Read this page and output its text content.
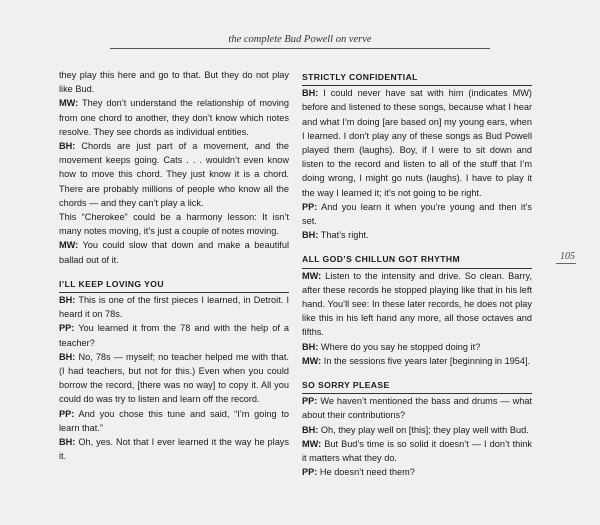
the complete Bud Powell on verve

they play this here and go to that. But they do not play like Bud.

MW: They don’t understand the relationship of moving from one chord to another, they don’t know which notes resolve. They see chords as individual entities.

BH: Chords are just part of a movement, and the movement keeps going. Cats . . . wouldn’t even know how to move this chord. They just know it is a chord. There are probably millions of people who know all the chords — and they can’t play a lick.

This “Cherokee” could be a harmony lesson: It isn’t many notes moving, it’s just a couple of notes moving.

MW: You could slow that down and make a beautiful ballad out of it.

I’LL KEEP LOVING YOU

BH: This is one of the first pieces I learned, in Detroit. I heard it on 78s.

PP: You learned it from the 78 and with the help of a teacher?

BH: No, 78s — myself; no teacher helped me with that. (I had teachers, but not for this.) Even when you could borrow the record, [there was no way] to copy it. All you could do was try to listen and learn off the record.

PP: And you chose this tune and said, “I’m going to learn that.”

BH: Oh, yes. Not that I ever learned it the way he plays it.

STRICTLY CONFIDENTIAL

BH: I could never have sat with him (indicates MW) before and listened to these songs, because what I hear and what I’m doing [are based on] my young ears, when I learned. I don’t play any of these songs as Bud Powell played them (laughs). Boy, if I were to sit down and listen to the record and listen to all of the stuff that I’m doing wrong, I might go nuts (laughs). I have to play it the way I learned it; it’s not going to be right.

PP: And you learn it when you’re young and then it’s set.

BH: That’s right.

ALL GOD’S CHILLUN GOT RHYTHM

MW: Listen to the intensity and drive. So clean. Barry, after these records he stopped playing like that in his left hand. You’ll see: In these later records, he does not play like this in his left hand any more, all those octaves and fifths.

BH: Where do you say he stopped doing it?

MW: In the sessions five years later [beginning in 1954].

SO SORRY PLEASE

PP: We haven’t mentioned the bass and drums — what about their contributions?

BH: Oh, they play well on [this]; they play well with Bud.

MW: But Bud’s time is so solid it doesn’t — I don’t think it matters what they do.

PP: He doesn’t need them?

105
